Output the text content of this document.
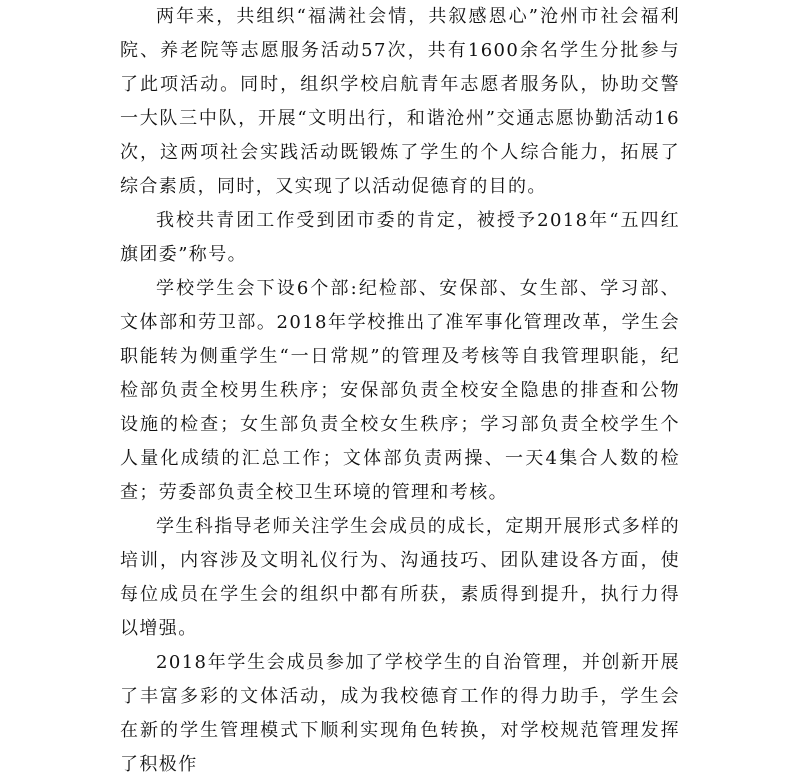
两年来，共组织“福满社会情，共叙感恩心”沧州市社会福利院、养老院等志愿服务活动57次，共有1600余名学生分批参与了此项活动。同时，组织学校启航青年志愿者服务队，协助交警一大队三中队，开展“文明出行，和谐沧州”交通志愿协勤活动16次，这两项社会实践活动既锻炼了学生的个人综合能力，拓展了综合素质，同时，又实现了以活动促德育的目的。

我校共青团工作受到团市委的肯定，被授予2018年“五四红旗团委”称号。

学校学生会下设6个部:纪检部、安保部、女生部、学习部、文体部和劳卫部。2018年学校推出了准军事化管理改革，学生会职能转为侧重学生“一日常规”的管理及考核等自我管理职能，纪检部负责全校男生秩序；安保部负责全校安全隐患的排查和公物设施的检查；女生部负责全校女生秩序；学习部负责全校学生个人量化成绩的汇总工作；文体部负责两操、一天4集合人数的检查；劳委部负责全校卫生环境的管理和考核。

学生科指导老师关注学生会成员的成长，定期开展形式多样的培训，内容涉及文明礼仪行为、沟通技巧、团队建设各方面，使每位成员在学生会的组织中都有所获，素质得到提升，执行力得以增强。

2018年学生会成员参加了学校学生的自治管理，并创新开展了丰富多彩的文体活动，成为我校德育工作的得力助手，学生会在新的学生管理模式下顺利实现角色转换，对学校规范管理发挥了积极作
